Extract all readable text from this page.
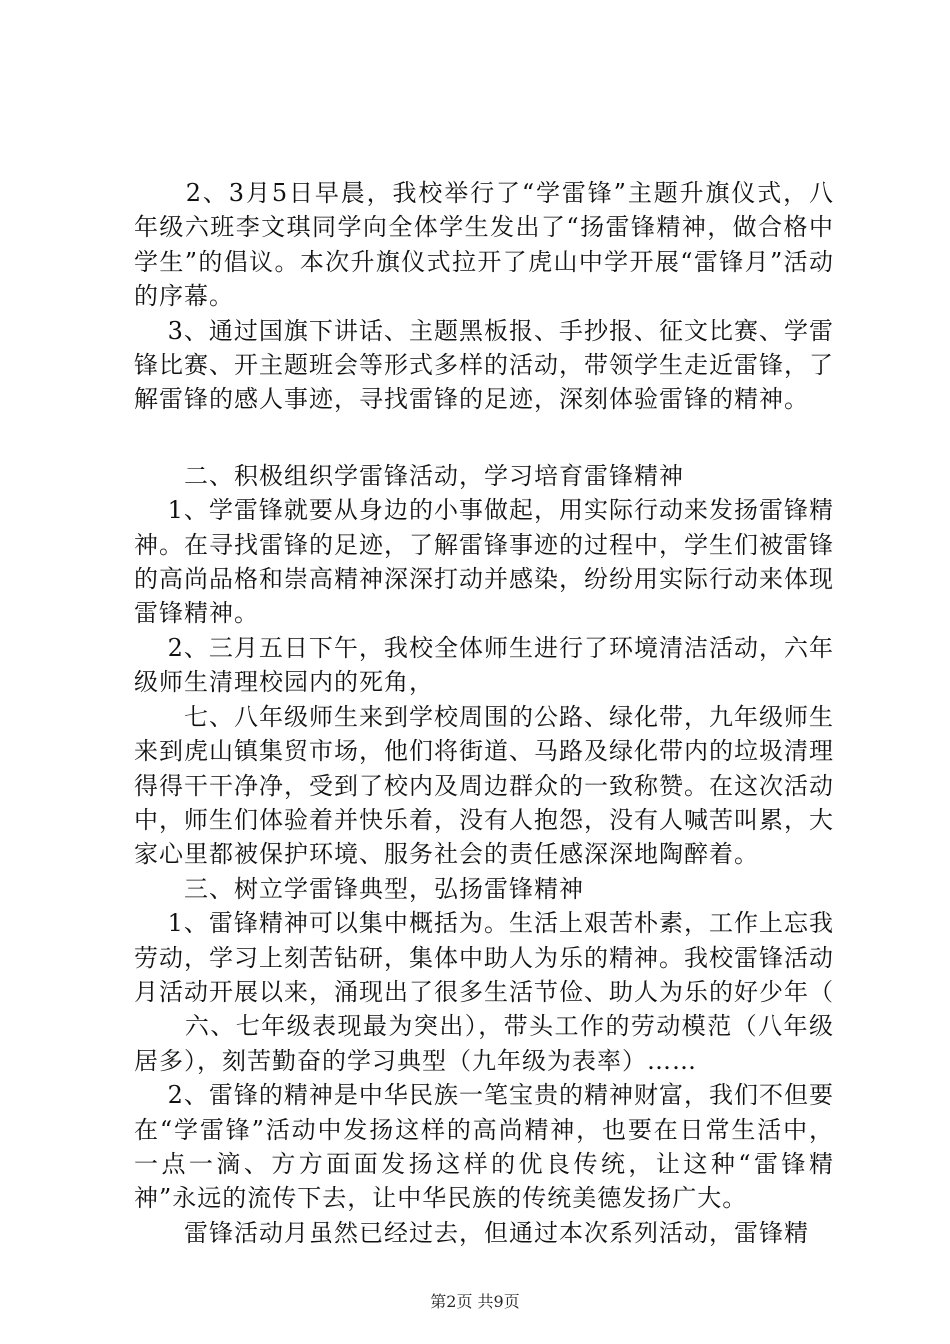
　　2、3月5日早晨，我校举行了“学雷锋”主题升旗仪式，八年级六班李文琪同学向全体学生发出了“扬雷锋精神，做合格中学生”的倡议。本次升旗仪式拉开了虎山中学开展“雷锋月”活动的序幕。

　 3、通过国旗下讲话、主题黑板报、手抄报、征文比赛、学雷锋比赛、开主题班会等形式多样的活动，带领学生走近雷锋，了解雷锋的感人事迹，寻找雷锋的足迹，深刻体验雷锋的精神。

　　二、积极组织学雷锋活动，学习培育雷锋精神

　 1、学雷锋就要从身边的小事做起，用实际行动来发扬雷锋精神。在寻找雷锋的足迹，了解雷锋事迹的过程中，学生们被雷锋的高尚品格和崇高精神深深打动并感染，纷纷用实际行动来体现雷锋精神。

　 2、三月五日下午，我校全体师生进行了环境清洁活动，六年级师生清理校园内的死角，

　　七、八年级师生来到学校周围的公路、绿化带，九年级师生来到虎山镇集贸市场，他们将街道、马路及绿化带内的垃圾清理得得干干净净，受到了校内及周边群众的一致称赞。在这次活动中，师生们体验着并快乐着，没有人抱怨，没有人喊苦叫累，大家心里都被保护环境、服务社会的责任感深深地陶醉着。

　　三、树立学雷锋典型，弘扬雷锋精神

　 1、雷锋精神可以集中概括为。生活上艰苦朴素，工作上忘我劳动，学习上刻苦钻研，集体中助人为乐的精神。我校雷锋活动月活动开展以来，涌现出了很多生活节俭、助人为乐的好少年（

　　六、七年级表现最为突出），带头工作的劳动模范（八年级居多），刻苦勤奋的学习典型（九年级为表率）……

　 2、雷锋的精神是中华民族一笔宝贵的精神财富，我们不但要在“学雷锋”活动中发扬这样的高尚精神，也要在日常生活中，一点一滴、方方面面发扬这样的优良传统，让这种“雷锋精神”永远的流传下去，让中华民族的传统美德发扬广大。

　　雷锋活动月虽然已经过去，但通过本次系列活动，雷锋精

第2页 共9页
